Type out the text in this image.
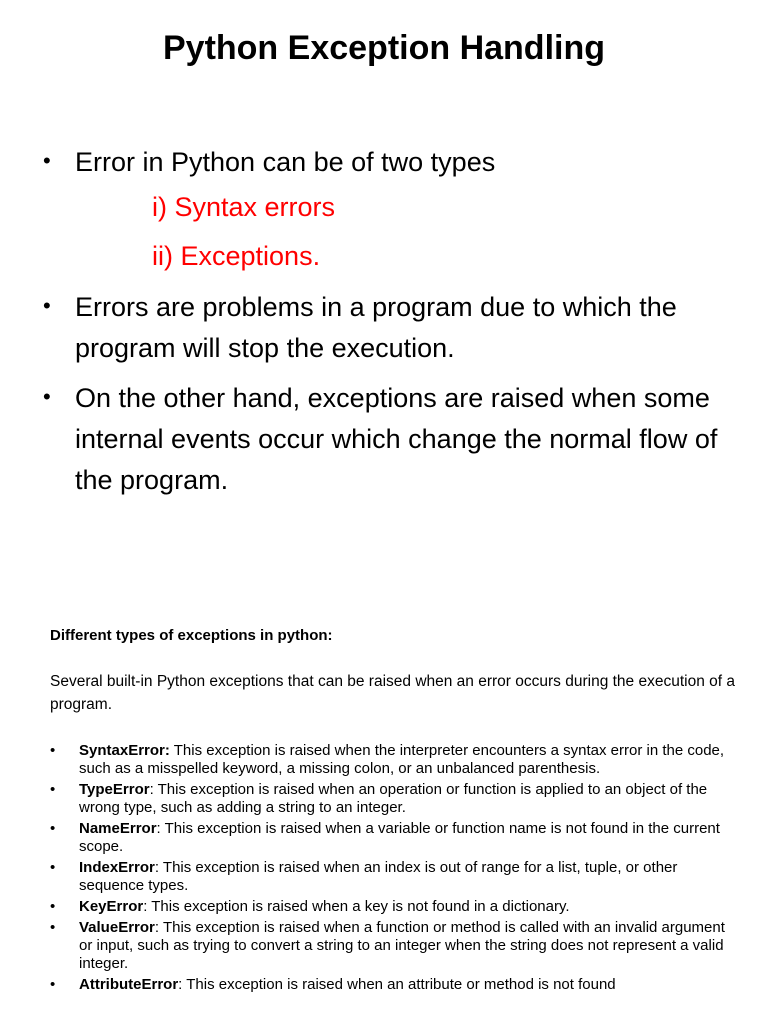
Python Exception Handling
• Error in Python can be of two types
i) Syntax errors
ii) Exceptions.
• Errors are problems in a program due to which the program will stop the execution.
• On the other hand, exceptions are raised when some internal events occur which change the normal flow of the program.

Different types of exceptions in python:

Several built-in Python exceptions that can be raised when an error occurs during the execution of a program.

• SyntaxError: This exception is raised when the interpreter encounters a syntax error in the code, such as a misspelled keyword, a missing colon, or an unbalanced parenthesis.
• TypeError: This exception is raised when an operation or function is applied to an object of the wrong type, such as adding a string to an integer.
• NameError: This exception is raised when a variable or function name is not found in the current scope.
• IndexError: This exception is raised when an index is out of range for a list, tuple, or other sequence types.
• KeyError: This exception is raised when a key is not found in a dictionary.
• ValueError: This exception is raised when a function or method is called with an invalid argument or input, such as trying to convert a string to an integer when the string does not represent a valid integer.
• AttributeError: This exception is raised when an attribute or method is not found
